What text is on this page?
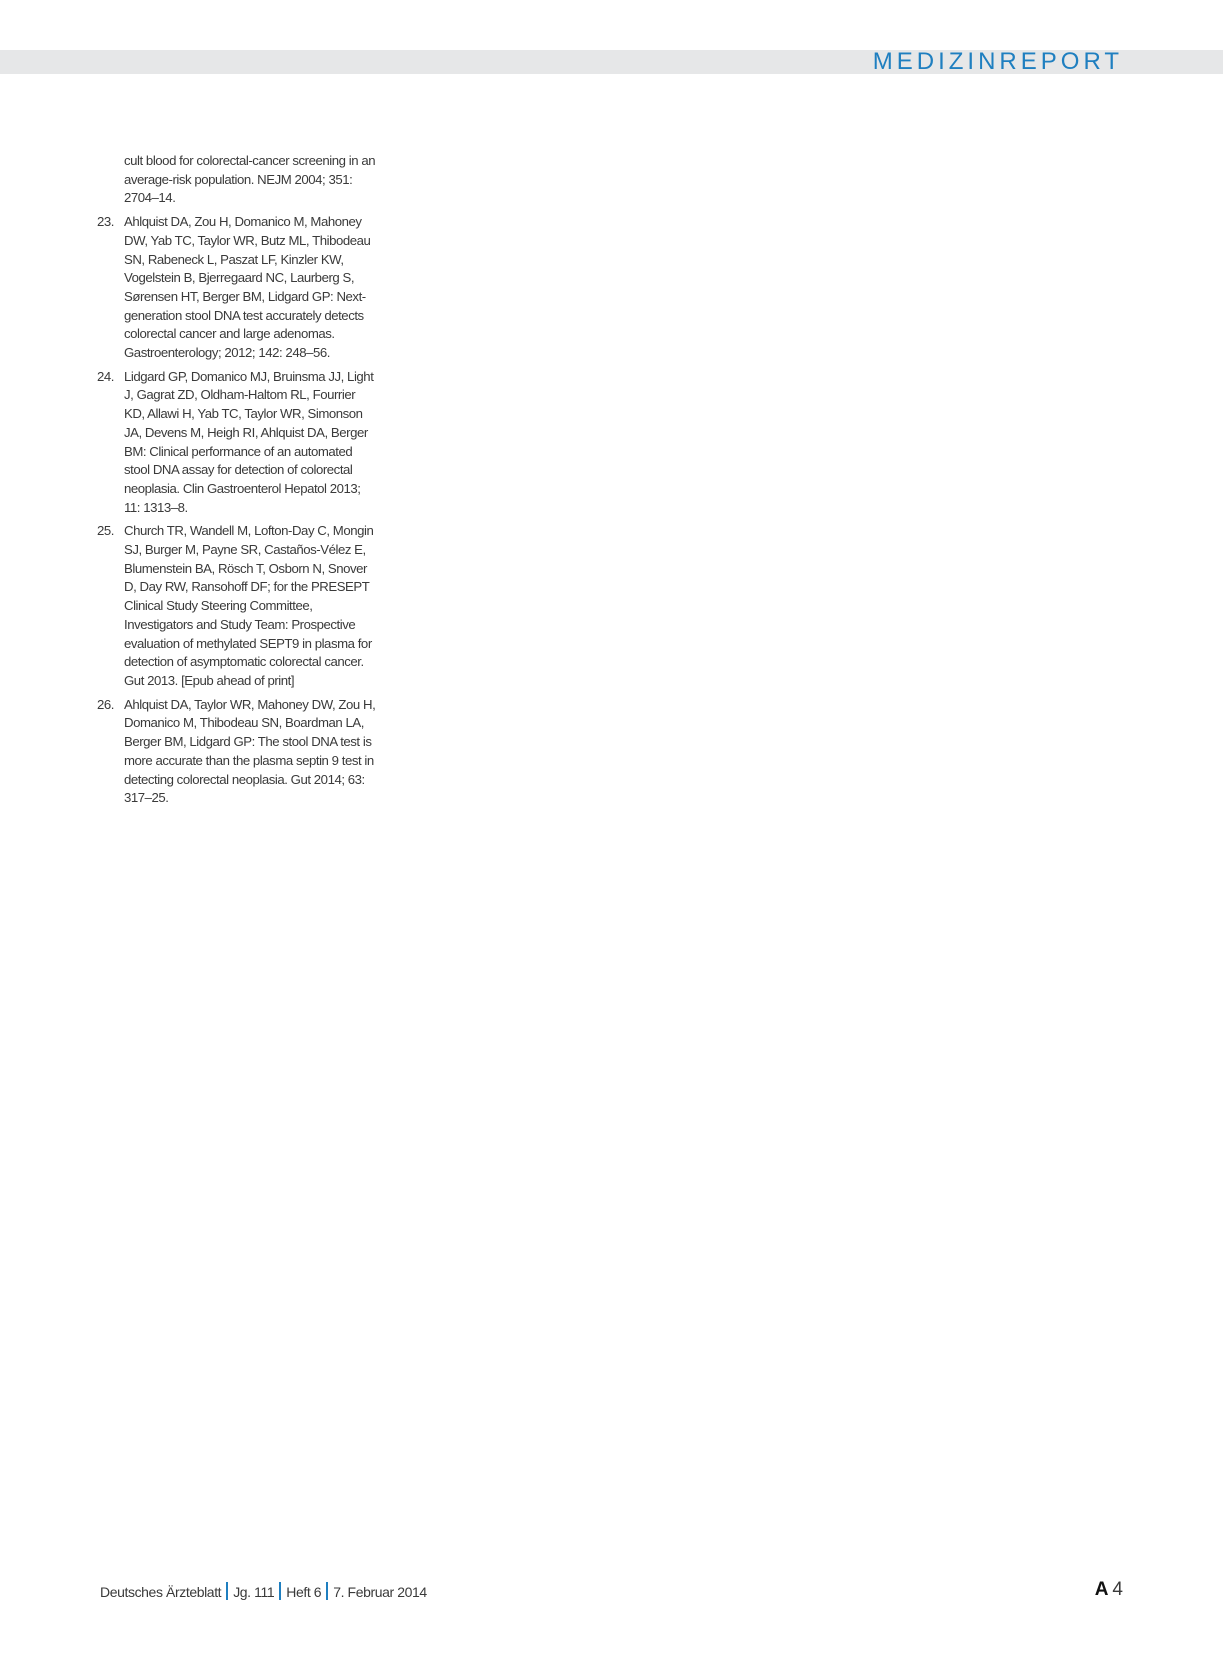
MEDIZINREPORT
cult blood for colorectal-cancer screening in an average-risk population. NEJM 2004; 351: 2704–14.
23. Ahlquist DA, Zou H, Domanico M, Mahoney DW, Yab TC, Taylor WR, Butz ML, Thibodeau SN, Rabeneck L, Paszat LF, Kinzler KW, Vogelstein B, Bjerregaard NC, Laurberg S, Sørensen HT, Berger BM, Lidgard GP: Next-generation stool DNA test accurately detects colorectal cancer and large adenomas. Gastroenterology; 2012; 142: 248–56.
24. Lidgard GP, Domanico MJ, Bruinsma JJ, Light J, Gagrat ZD, Oldham-Haltom RL, Fourrier KD, Allawi H, Yab TC, Taylor WR, Simonson JA, Devens M, Heigh RI, Ahlquist DA, Berger BM: Clinical performance of an automated stool DNA assay for detection of colorectal neoplasia. Clin Gastroenterol Hepatol 2013; 11: 1313–8.
25. Church TR, Wandell M, Lofton-Day C, Mongin SJ, Burger M, Payne SR, Castaños-Vélez E, Blumenstein BA, Rösch T, Osborn N, Snover D, Day RW, Ransohoff DF; for the PRESEPT Clinical Study Steering Committee, Investigators and Study Team: Prospective evaluation of methylated SEPT9 in plasma for detection of asymptomatic colorectal cancer. Gut 2013. [Epub ahead of print]
26. Ahlquist DA, Taylor WR, Mahoney DW, Zou H, Domanico M, Thibodeau SN, Boardman LA, Berger BM, Lidgard GP: The stool DNA test is more accurate than the plasma septin 9 test in detecting colorectal neoplasia. Gut 2014; 63: 317–25.
Deutsches Ärzteblatt Jg. 111 Heft 6 7. Februar 2014	A 4
